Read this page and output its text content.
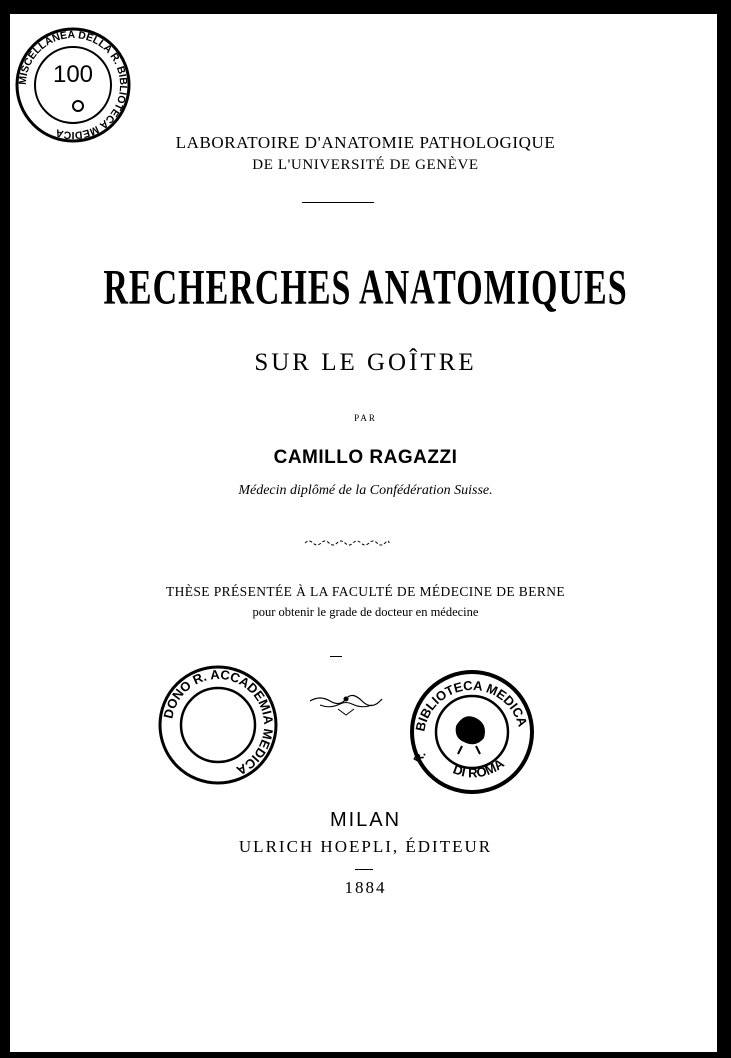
MISCELLANEA DELLA R. BIBLIOTECA MEDICA
100
LABORATOIRE D'ANATOMIE PATHOLOGIQUE
DE L'UNIVERSITÉ DE GENÈVE
RECHERCHES ANATOMIQUES
SUR LE GOÎTRE
PAR
CAMILLO RAGAZZI
Médecin diplômé de la Confédération Suisse.
THÈSE PRÉSENTÉE À LA FACULTÉ DE MÉDECINE DE BERNE
pour obtenir le grade de docteur en médecine
DONO R. ACCADEMIA MEDICA
BIBLIOTECA MEDICA
DI ROMA
R.
MILAN
ULRICH HOEPLI, ÉDITEUR
1884
